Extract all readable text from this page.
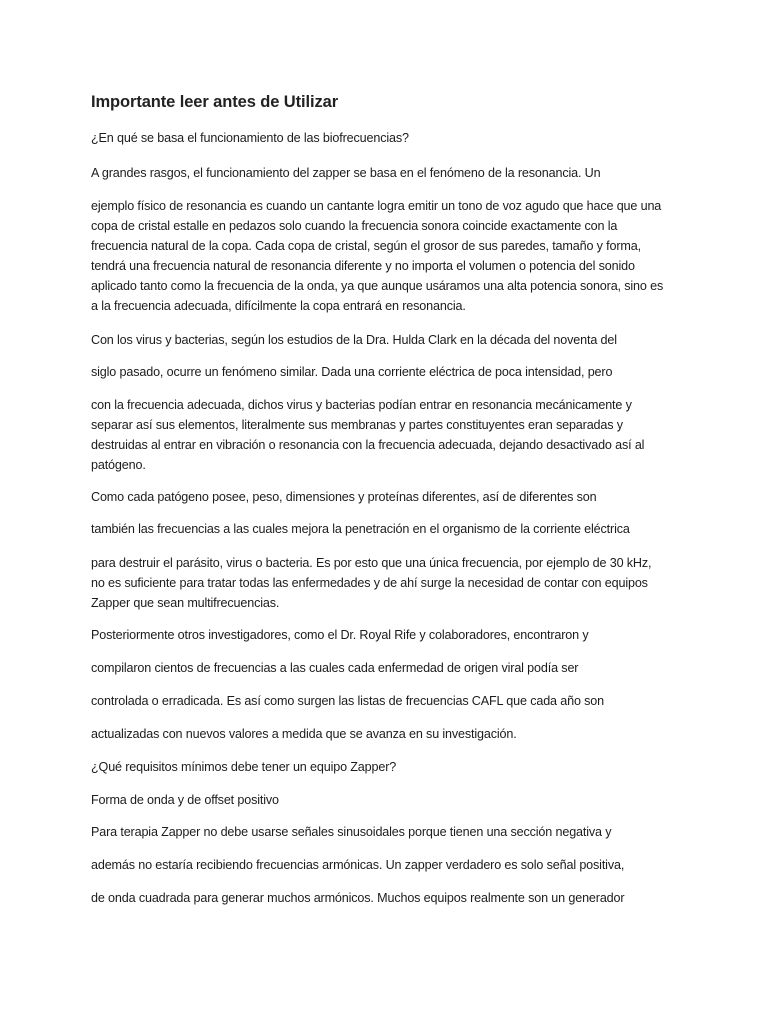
Importante leer antes de Utilizar
¿En qué se basa el funcionamiento de las biofrecuencias?
A grandes rasgos, el funcionamiento del zapper se basa en el fenómeno de la resonancia. Un
ejemplo físico de resonancia es cuando un cantante logra emitir un tono de voz agudo que hace que una
copa de cristal estalle en pedazos solo cuando la frecuencia sonora coincide exactamente con la
frecuencia natural de la copa. Cada copa de cristal, según el grosor de sus paredes, tamaño y forma,
tendrá una frecuencia natural de resonancia diferente y no importa el volumen o potencia del sonido
aplicado tanto como la frecuencia de la onda, ya que aunque usáramos una alta potencia sonora, sino es
a la frecuencia adecuada, difícilmente la copa entrará en resonancia.
Con los virus y bacterias, según los estudios de la Dra. Hulda Clark en la década del noventa del
siglo pasado, ocurre un fenómeno similar. Dada una corriente eléctrica de poca intensidad, pero
con la frecuencia adecuada, dichos virus y bacterias podían entrar en resonancia mecánicamente y
separar así sus elementos, literalmente sus membranas y partes constituyentes eran separadas y
destruidas al entrar en vibración o resonancia con la frecuencia adecuada, dejando desactivado así al
patógeno.
Como cada patógeno posee, peso, dimensiones y proteínas diferentes, así de diferentes son
también las frecuencias a las cuales mejora la penetración en el organismo de la corriente eléctrica
para destruir el parásito, virus o bacteria. Es por esto que una única frecuencia, por ejemplo de 30 kHz,
no es suficiente para tratar todas las enfermedades y de ahí surge la necesidad de contar con equipos
Zapper que sean multifrecuencias.
Posteriormente otros investigadores, como el Dr. Royal Rife y colaboradores, encontraron y
compilaron cientos de frecuencias a las cuales cada enfermedad de origen viral podía ser
controlada o erradicada. Es así como surgen las listas de frecuencias CAFL que cada año son
actualizadas con nuevos valores a medida que se avanza en su investigación.
¿Qué requisitos mínimos debe tener un equipo Zapper?
Forma de onda y de offset positivo
Para terapia Zapper no debe usarse señales sinusoidales porque tienen una sección negativa y
además no estaría recibiendo frecuencias armónicas. Un zapper verdadero es solo señal positiva,
de onda cuadrada para generar muchos armónicos. Muchos equipos realmente son un generador
